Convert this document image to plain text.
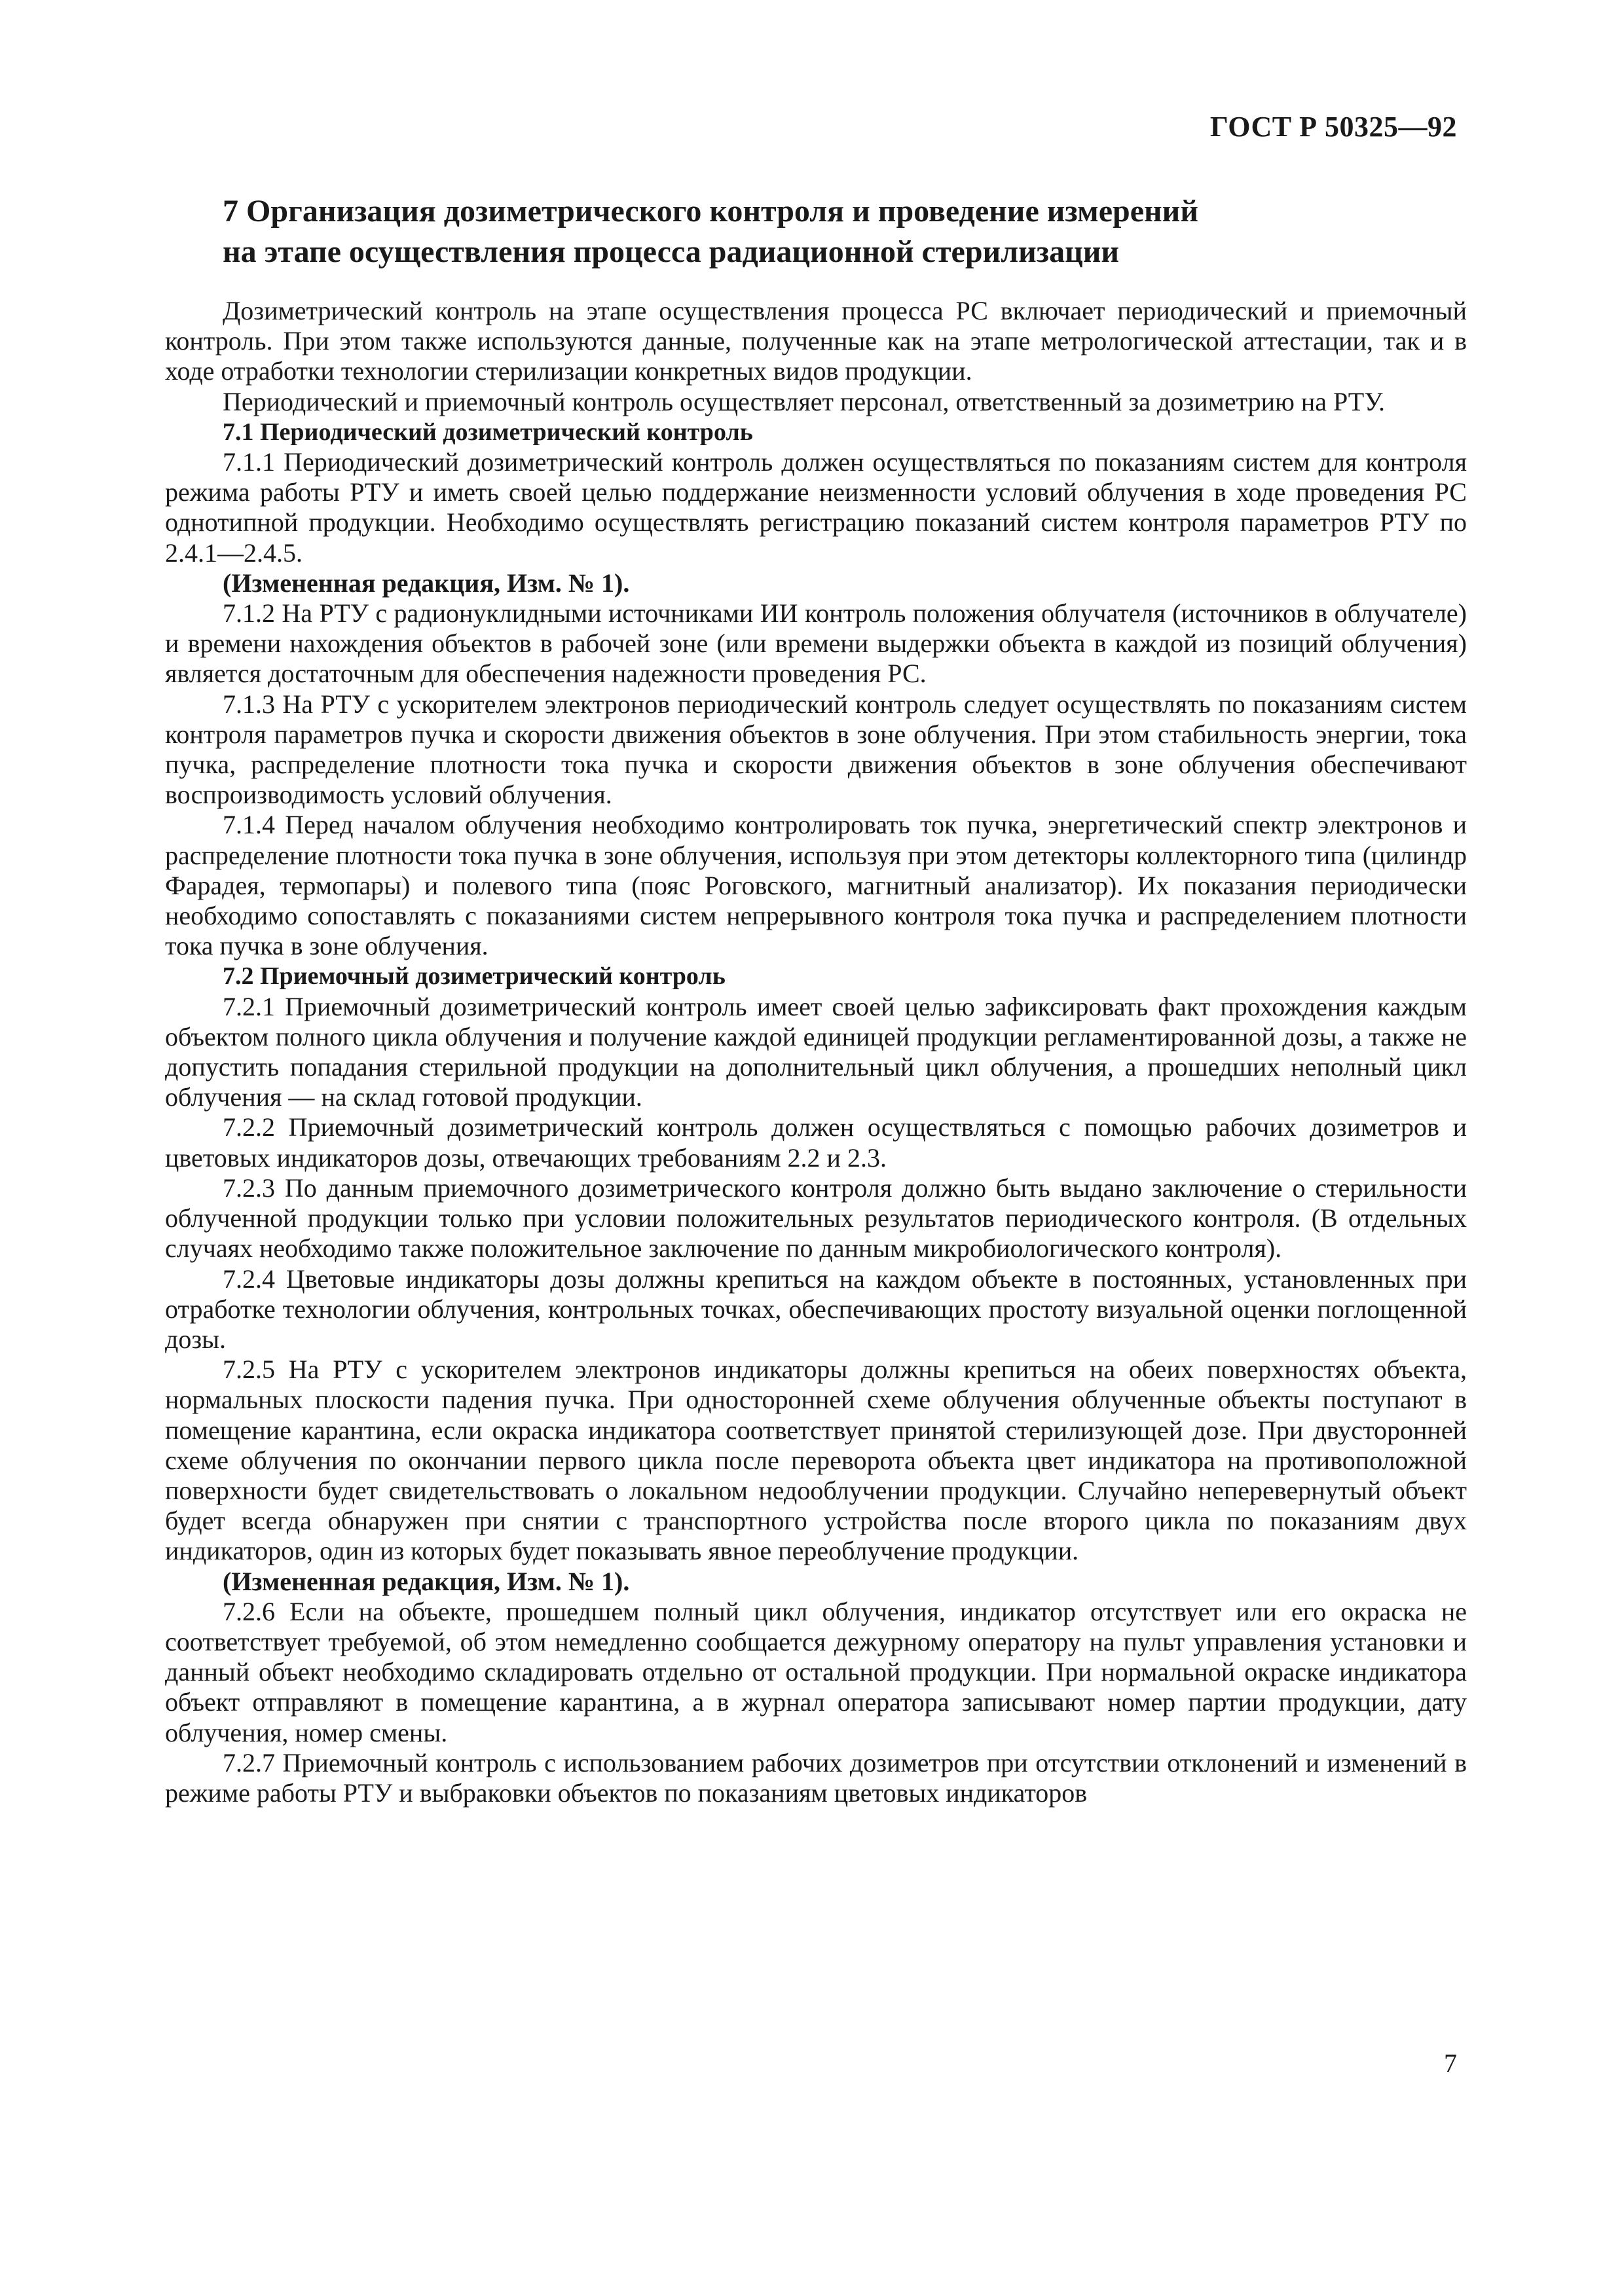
ГОСТ Р 50325—92
7 Организация дозиметрического контроля и проведение измерений
на этапе осуществления процесса радиационной стерилизации

Дозиметрический контроль на этапе осуществления процесса РС включает периодический и приемочный контроль. При этом также используются данные, полученные как на этапе метрологической аттестации, так и в ходе отработки технологии стерилизации конкретных видов продукции.

Периодический и приемочный контроль осуществляет персонал, ответственный за дозиметрию на РТУ.

7.1 Периодический дозиметрический контроль

7.1.1 Периодический дозиметрический контроль должен осуществляться по показаниям систем для контроля режима работы РТУ и иметь своей целью поддержание неизменности условий облучения в ходе проведения РС однотипной продукции. Необходимо осуществлять регистрацию показаний систем контроля параметров РТУ по 2.4.1—2.4.5.

(Измененная редакция, Изм. № 1).

7.1.2 На РТУ с радионуклидными источниками ИИ контроль положения облучателя (источников в облучателе) и времени нахождения объектов в рабочей зоне (или времени выдержки объекта в каждой из позиций облучения) является достаточным для обеспечения надежности проведения РС.

7.1.3 На РТУ с ускорителем электронов периодический контроль следует осуществлять по показаниям систем контроля параметров пучка и скорости движения объектов в зоне облучения. При этом стабильность энергии, тока пучка, распределение плотности тока пучка и скорости движения объектов в зоне облучения обеспечивают воспроизводимость условий облучения.

7.1.4 Перед началом облучения необходимо контролировать ток пучка, энергетический спектр электронов и распределение плотности тока пучка в зоне облучения, используя при этом детекторы коллекторного типа (цилиндр Фарадея, термопары) и полевого типа (пояс Роговского, магнитный анализатор). Их показания периодически необходимо сопоставлять с показаниями систем непрерывного контроля тока пучка и распределением плотности тока пучка в зоне облучения.

7.2 Приемочный дозиметрический контроль

7.2.1 Приемочный дозиметрический контроль имеет своей целью зафиксировать факт прохождения каждым объектом полного цикла облучения и получение каждой единицей продукции регламентированной дозы, а также не допустить попадания стерильной продукции на дополнительный цикл облучения, а прошедших неполный цикл облучения — на склад готовой продукции.

7.2.2 Приемочный дозиметрический контроль должен осуществляться с помощью рабочих дозиметров и цветовых индикаторов дозы, отвечающих требованиям 2.2 и 2.3.

7.2.3 По данным приемочного дозиметрического контроля должно быть выдано заключение о стерильности облученной продукции только при условии положительных результатов периодического контроля. (В отдельных случаях необходимо также положительное заключение по данным микробиологического контроля).

7.2.4 Цветовые индикаторы дозы должны крепиться на каждом объекте в постоянных, установленных при отработке технологии облучения, контрольных точках, обеспечивающих простоту визуальной оценки поглощенной дозы.

7.2.5 На РТУ с ускорителем электронов индикаторы должны крепиться на обеих поверхностях объекта, нормальных плоскости падения пучка. При односторонней схеме облучения облученные объекты поступают в помещение карантина, если окраска индикатора соответствует принятой стерилизующей дозе. При двусторонней схеме облучения по окончании первого цикла после переворота объекта цвет индикатора на противоположной поверхности будет свидетельствовать о локальном недооблучении продукции. Случайно неперевернутый объект будет всегда обнаружен при снятии с транспортного устройства после второго цикла по показаниям двух индикаторов, один из которых будет показывать явное переоблучение продукции.

(Измененная редакция, Изм. № 1).

7.2.6 Если на объекте, прошедшем полный цикл облучения, индикатор отсутствует или его окраска не соответствует требуемой, об этом немедленно сообщается дежурному оператору на пульт управления установки и данный объект необходимо складировать отдельно от остальной продукции. При нормальной окраске индикатора объект отправляют в помещение карантина, а в журнал оператора записывают номер партии продукции, дату облучения, номер смены.

7.2.7 Приемочный контроль с использованием рабочих дозиметров при отсутствии отклонений и изменений в режиме работы РТУ и выбраковки объектов по показаниям цветовых индикаторов

7
